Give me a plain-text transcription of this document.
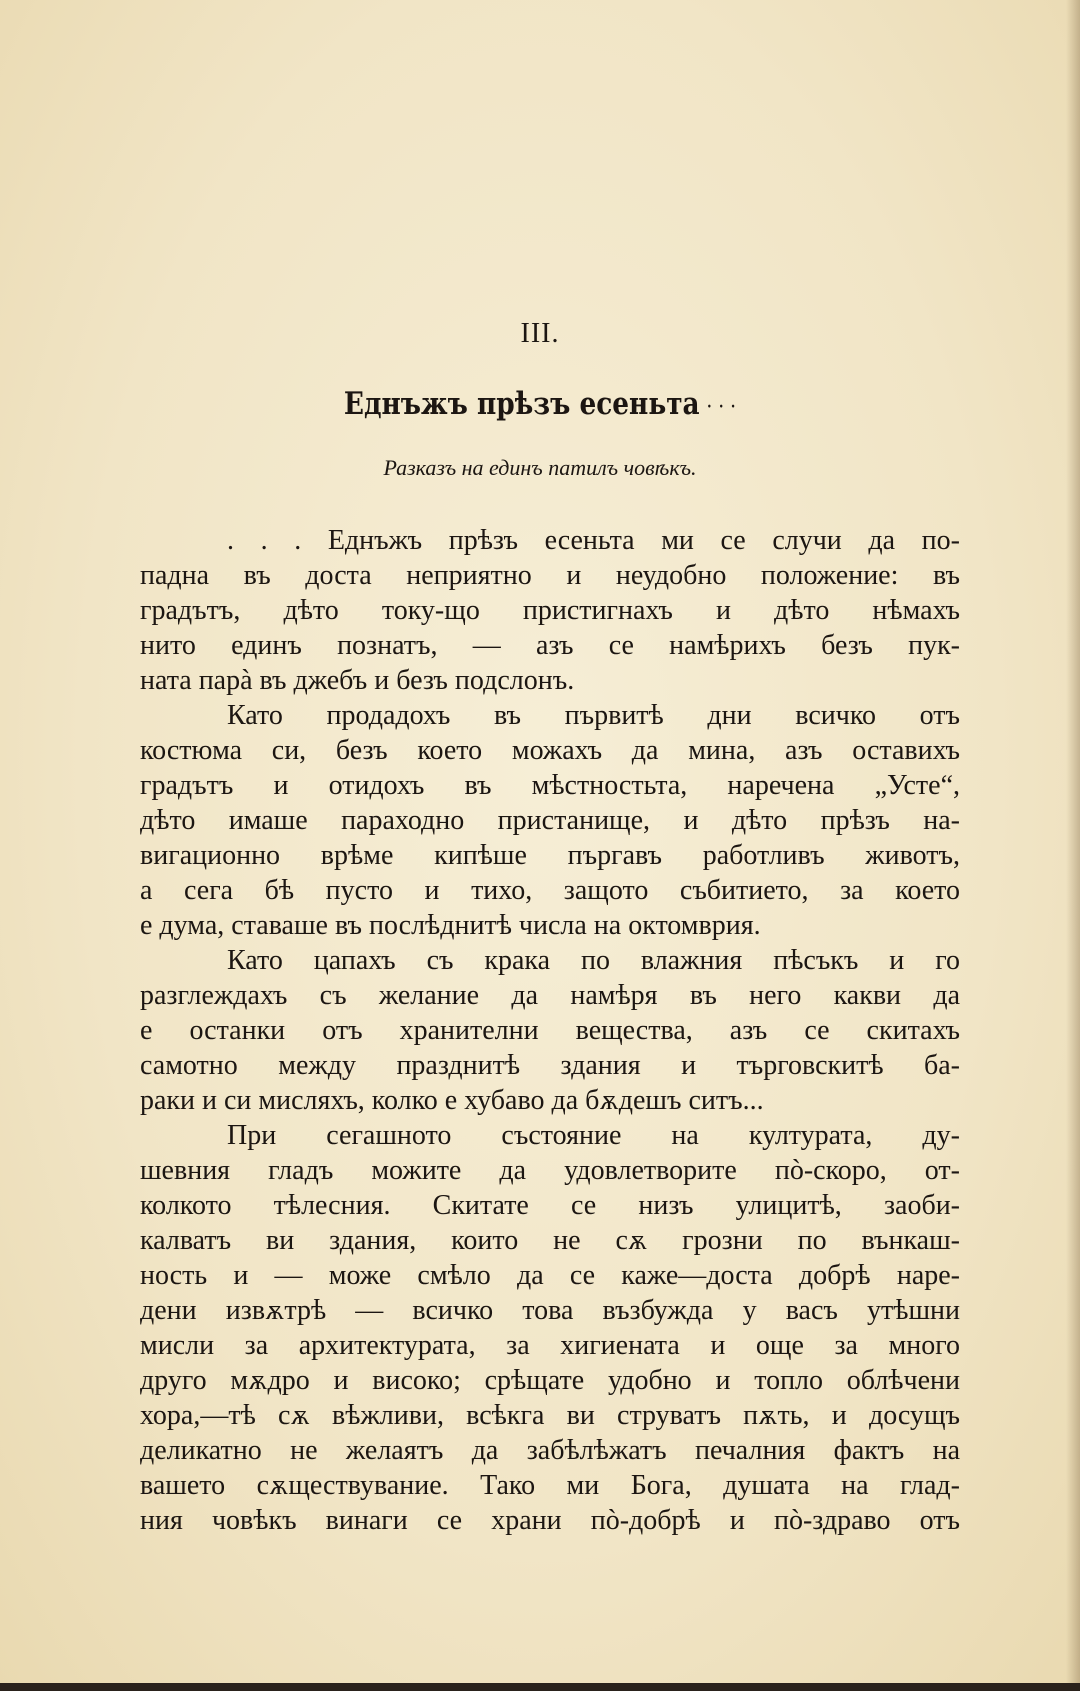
III.
Еднъжъ прѣзъ есеньта · · ·
Разказъ на единъ патилъ човѣкъ.
. . . Еднъжъ прѣзъ есеньта ми се случи да по-
падна въ доста неприятно и неудобно положение: въ
градътъ, дѣто току-що пристигнахъ и дѣто нѣмахъ
нито единъ познатъ, — азъ се намѣрихъ безъ пук-
ната парà въ джебъ и безъ подслонъ.
Като продадохъ въ първитѣ дни всичко отъ
костюма си, безъ което можахъ да мина, азъ оставихъ
градътъ и отидохъ въ мѣстностьта, наречена „Усте“,
дѣто имаше параходно пристанище, и дѣто прѣзъ на-
вигационно врѣме кипѣше пъргавъ работливъ животъ,
а сега бѣ пусто и тихо, защото събитието, за което
е дума, ставаше въ послѣднитѣ числа на октомврия.
Като цапахъ съ крака по влажния пѣсъкъ и го
разглеждахъ съ желание да намѣря въ него какви да
е останки отъ хранителни вещества, азъ се скитахъ
самотно между празднитѣ здания и търговскитѣ ба-
раки и си мисляхъ, колко е хубаво да бѫдешъ ситъ...
При сегашното състояние на културата, ду-
шевния гладъ можите да удовлетворите пò-скоро, от-
колкото тѣлесния. Скитате се низъ улицитѣ, заоби-
калватъ ви здания, които не сѫ грозни по вънкаш-
ность и — може смѣло да се каже—доста добрѣ наре-
дени извѫтрѣ — всичко това възбужда у васъ утѣшни
мисли за архитектурата, за хигиената и още за много
друго мѫдро и високо; срѣщате удобно и топло облѣчени
хора,—тѣ сѫ вѣжливи, всѣкга ви струватъ пѫть, и досущъ
деликатно не желаятъ да забѣлѣжатъ печалния фактъ на
вашето сѫществувание. Тако ми Бога, душата на глад-
ния човѣкъ винаги се храни пò-добрѣ и пò-здраво отъ
